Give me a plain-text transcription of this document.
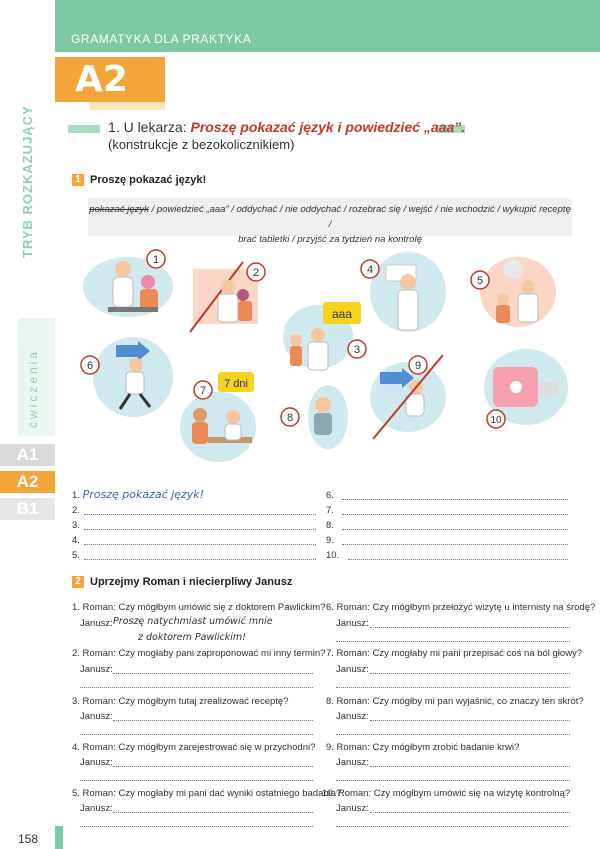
GRAMATYKA DLA PRAKTYKA
TRYB ROZKAZUJĄCY
ćwiczenia
A1
A2
B1
158
A2
1. U lekarza: Proszę pokazać język i powiedzieć „aaa”.
(konstrukcje z bezokolicznikiem)
1 Proszę pokazać język!
pokazać język / powiedzieć „aaa” / oddychać / nie oddychać / rozebrać się / wejść / nie wchodzić / wykupić receptę /
brać tabletki / przyjść za tydzień na kontrolę
1
2	4
5
aaa
3
6
7 dni
7
8
9
10
1. Proszę pokazać język!
2.
3.
4.
5.
6.
7.
8.
9.
10.
2 Uprzejmy Roman i niecierpliwy Janusz
1. Roman: Czy mógłbym umówić się z doktorem Pawlickim?
Janusz: Proszę natychmiast umówić mnie
z doktorem Pawlickim!
2. Roman: Czy mogłaby pani zaproponować mi inny termin?
Janusz:
3. Roman: Czy mógłbym tutaj zrealizować receptę?
Janusz:
4. Roman: Czy mógłbym zarejestrować się w przychodni?
Janusz:
5. Roman: Czy mogłaby mi pani dać wyniki ostatniego badania?
Janusz:
6. Roman: Czy mógłbym przełożyć wizytę u internisty na środę?
Janusz:
7. Roman: Czy mogłaby mi pani przepisać coś na ból głowy?
Janusz:
8. Roman: Czy mógłby mi pan wyjaśnić, co znaczy ten skrót?
Janusz:
9. Roman: Czy mógłbym zrobić badanie krwi?
Janusz:
10. Roman: Czy mógłbym umówić się na wizytę kontrolną?
Janusz:
